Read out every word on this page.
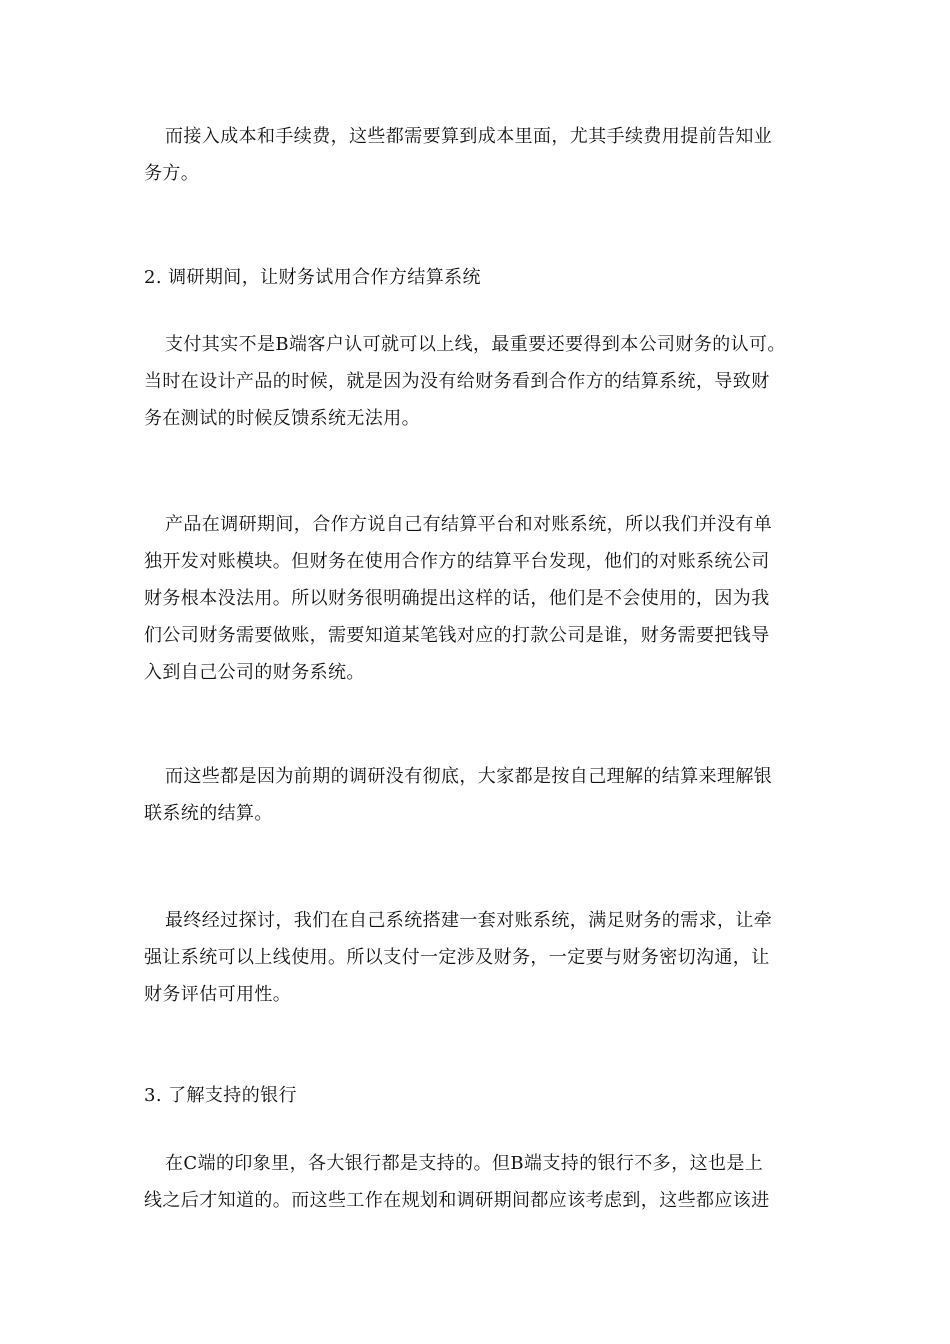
而接入成本和手续费，这些都需要算到成本里面，尤其手续费用提前告知业
务方。

2. 调研期间，让财务试用合作方结算系统

支付其实不是B端客户认可就可以上线，最重要还要得到本公司财务的认可。
当时在设计产品的时候，就是因为没有给财务看到合作方的结算系统，导致财
务在测试的时候反馈系统无法用。

产品在调研期间，合作方说自己有结算平台和对账系统，所以我们并没有单
独开发对账模块。但财务在使用合作方的结算平台发现，他们的对账系统公司
财务根本没法用。所以财务很明确提出这样的话，他们是不会使用的，因为我
们公司财务需要做账，需要知道某笔钱对应的打款公司是谁，财务需要把钱导
入到自己公司的财务系统。

而这些都是因为前期的调研没有彻底，大家都是按自己理解的结算来理解银
联系统的结算。

最终经过探讨，我们在自己系统搭建一套对账系统，满足财务的需求，让牵
强让系统可以上线使用。所以支付一定涉及财务，一定要与财务密切沟通，让
财务评估可用性。

3. 了解支持的银行

在C端的印象里，各大银行都是支持的。但B端支持的银行不多，这也是上
线之后才知道的。而这些工作在规划和调研期间都应该考虑到，这些都应该进
